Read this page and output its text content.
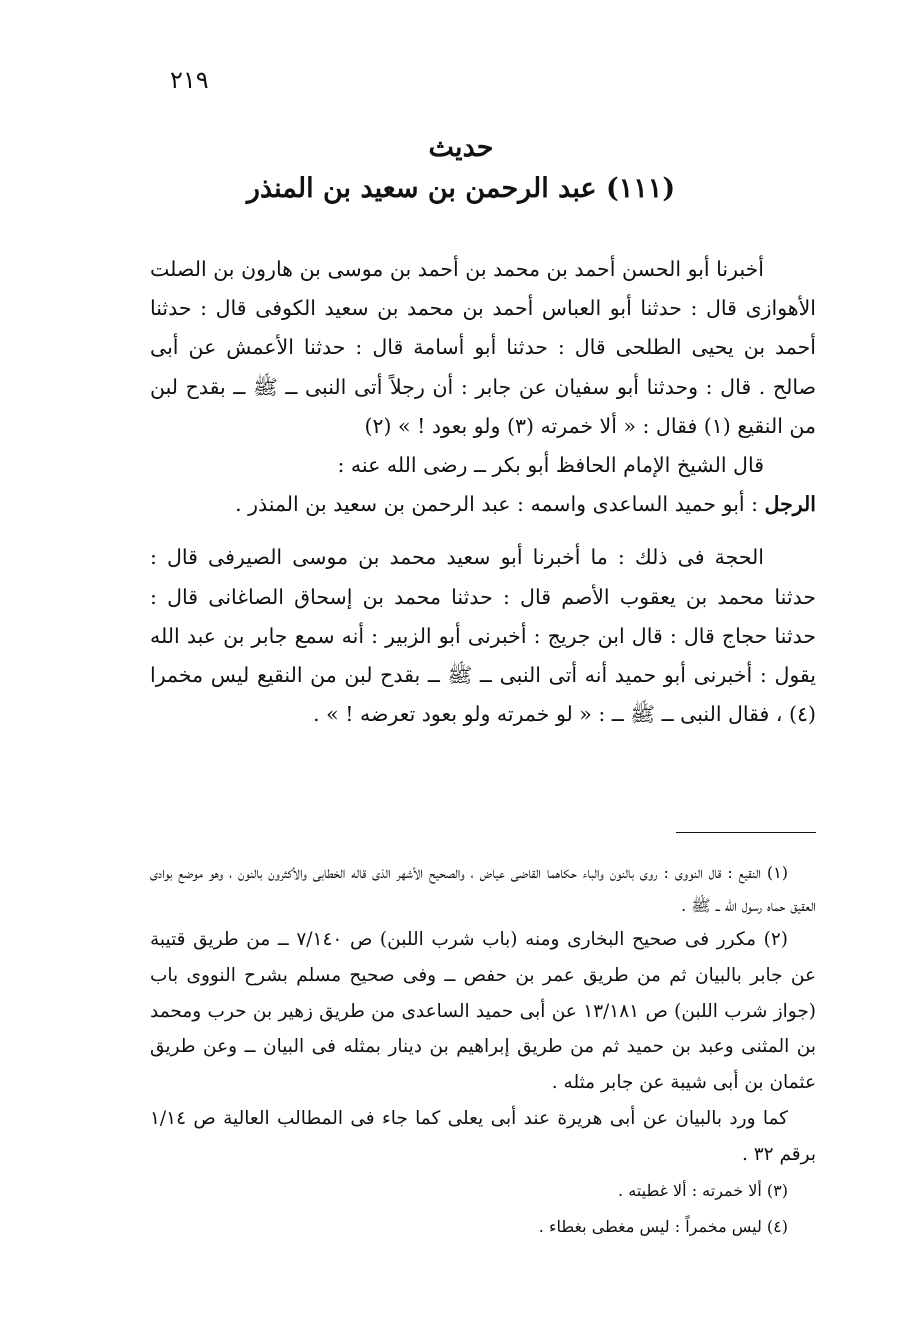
٢١٩
حديث
(١١١) عبد الرحمن بن سعيد بن المنذر

أخبرنا أبو الحسن أحمد بن محمد بن أحمد بن موسى بن هارون بن الصلت الأهوازى قال : حدثنا أبو العباس أحمد بن محمد بن سعيد الكوفى قال : حدثنا أحمد بن يحيى الطلحى قال : حدثنا أبو أسامة قال : حدثنا الأعمش عن أبى صالح . قال : وحدثنا أبو سفيان عن جابر : أن رجلاً أتى النبى ــ ﷺ ــ بقدح لبن من النقيع (١) فقال : « ألا خمرته (٣) ولو بعود ! » (٢)

قال الشيخ الإمام الحافظ أبو بكر ــ رضى الله عنه :

الرجل : أبو حميد الساعدى واسمه : عبد الرحمن بن سعيد بن المنذر .

الحجة فى ذلك : ما أخبرنا أبو سعيد محمد بن موسى الصيرفى قال : حدثنا محمد بن يعقوب الأصم قال : حدثنا محمد بن إسحاق الصاغانى قال : حدثنا حجاج قال : قال ابن جريج : أخبرنى أبو الزبير : أنه سمع جابر بن عبد الله يقول : أخبرنى أبو حميد أنه أتى النبى ــ ﷺ ــ بقدح لبن من النقيع ليس مخمرا (٤) ، فقال النبى ــ ﷺ ــ : « لو خمرته ولو بعود تعرضه ! » .

(١) النقيع : قال النووى : روى بالنون والباء حكاهما القاضى عياض ، والصحيح الأشهر الذى قاله الخطابى والأكثرون بالنون ، وهو موضع بوادى العقيق حماه رسول الله ــ ﷺ .

(٢) مكرر فى صحيح البخارى ومنه (باب شرب اللبن) ص ٧/١٤٠ ــ من طريق قتيبة عن جابر بالبيان ثم من طريق عمر بن حفص ــ وفى صحيح مسلم بشرح النووى باب (جواز شرب اللبن) ص ١٣/١٨١ عن أبى حميد الساعدى من طريق زهير بن حرب ومحمد بن المثنى وعبد بن حميد ثم من طريق إبراهيم بن دينار بمثله فى البيان ــ وعن طريق عثمان بن أبى شيبة عن جابر مثله .

كما ورد بالبيان عن أبى هريرة عند أبى يعلى كما جاء فى المطالب العالية ص ١/١٤ برقم ٣٢ .

(٣) ألا خمرته : ألا غطيته .

(٤) ليس مخمراً : ليس مغطى بغطاء .
